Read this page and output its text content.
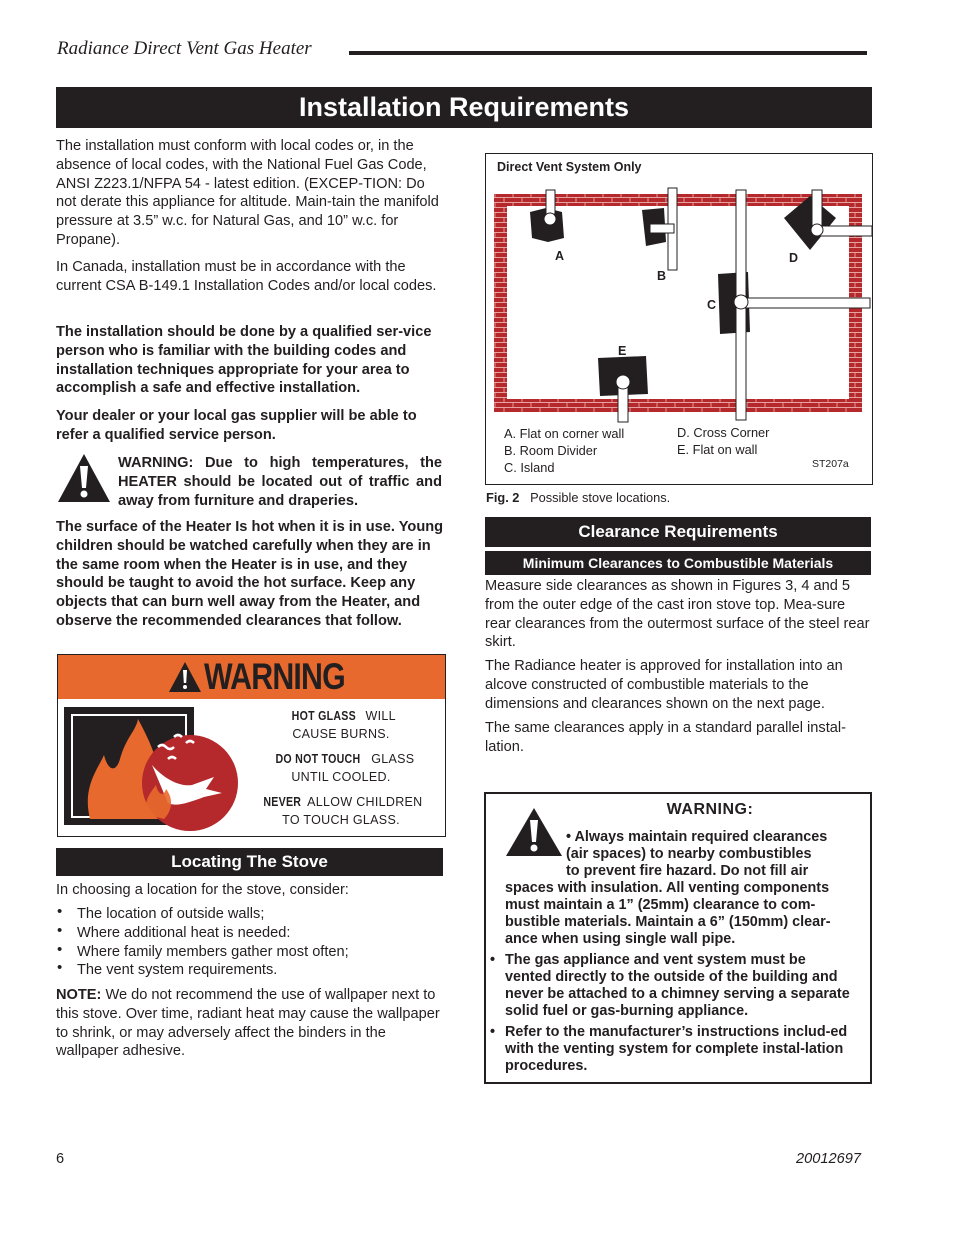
Radiance Direct Vent Gas Heater
Installation Requirements

The installation must conform with local codes or, in the absence of local codes, with the National Fuel Gas Code, ANSI Z223.1/NFPA 54 - latest edition. (EXCEP-TION: Do not derate this appliance for altitude. Main-tain the manifold pressure at 3.5” w.c. for Natural Gas, and 10” w.c. for Propane).

In Canada, installation must be in accordance with the current CSA B-149.1 Installation Codes and/or local codes.

The installation should be done by a qualified ser-vice person who is familiar with the building codes and installation techniques appropriate for your area to accomplish a safe and effective installation.

Your dealer or your local gas supplier will be able to refer a qualified service person.

WARNING: Due to high temperatures, the HEATER should be located out of traffic and away from furniture and draperies.

The surface of the Heater Is hot when it is in use. Young children should be watched carefully when they are in the same room when the Heater is in use, and they should be taught to avoid the hot surface. Keep any objects that can burn well away from the Heater, and observe the recommended clearances that follow.

WARNING
HOT GLASS WILL
CAUSE BURNS.
DO NOT TOUCH GLASS
UNTIL COOLED.
NEVER ALLOW CHILDREN
TO TOUCH GLASS.
Locating The Stove

In choosing a location for the stove, consider:

• The location of outside walls;
• Where additional heat is needed:
• Where family members gather most often;
• The vent system requirements.

NOTE: We do not recommend the use of wallpaper next to this stove. Over time, radiant heat may cause the wallpaper to shrink, or may adversely affect the binders in the wallpaper adhesive.

Direct Vent System Only
A
B
C
D
E
A. Flat on corner wall
B. Room Divider
C. Island
D. Cross Corner
E. Flat on wall
ST207a
Fig. 2 Possible stove locations.
Clearance Requirements
Minimum Clearances to Combustible Materials

Measure side clearances as shown in Figures 3, 4 and 5 from the outer edge of the cast iron stove top. Mea-sure rear clearances from the outermost surface of the steel rear skirt.

The Radiance heater is approved for installation into an alcove constructed of combustible materials to the dimensions and clearances shown on the next page.

The same clearances apply in a standard parallel instal-lation.

WARNING:
• Always maintain required clearances
(air spaces) to nearby combustibles
to prevent fire hazard. Do not fill air

spaces with insulation. All venting components must maintain a 1” (25mm) clearance to com-bustible materials. Maintain a 6” (150mm) clear-ance when using single wall pipe.

• The gas appliance and vent system must be vented directly to the outside of the building and never be attached to a chimney serving a separate solid fuel or gas-burning appliance.

• Refer to the manufacturer’s instructions includ-ed with the venting system for complete instal-lation procedures.

6	20012697
